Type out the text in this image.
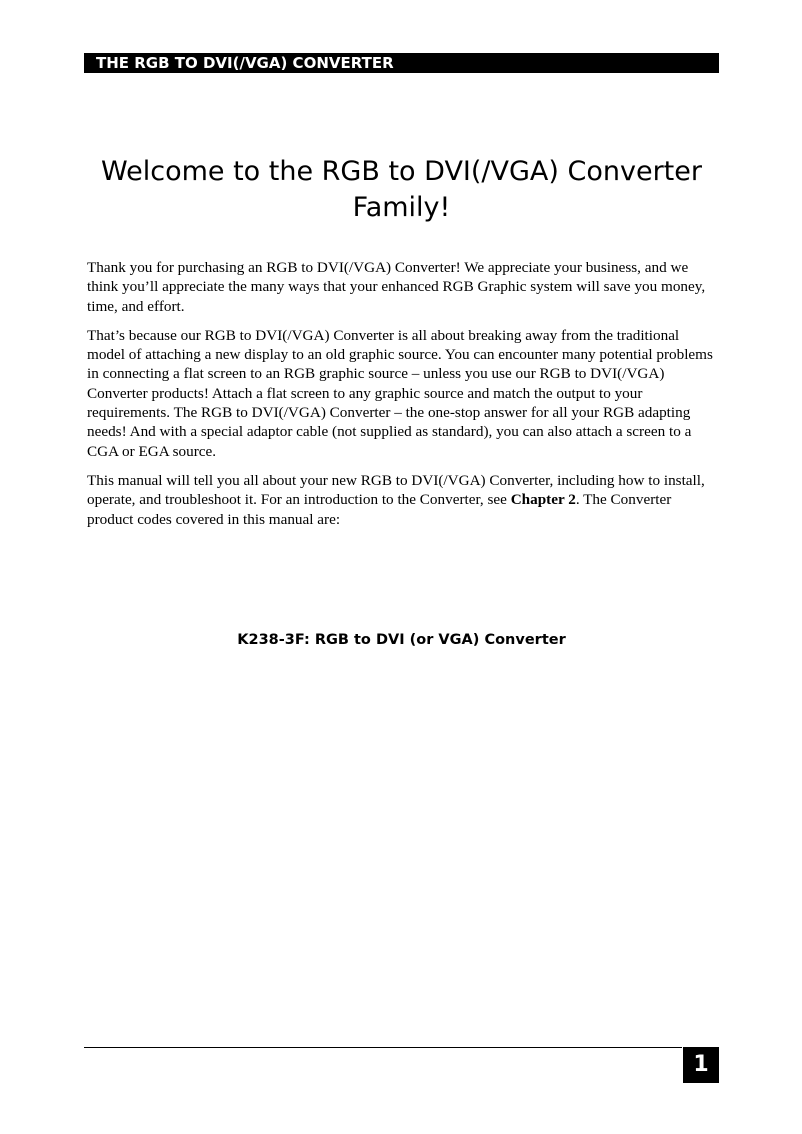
THE RGB TO DVI(/VGA) CONVERTER
Welcome to the RGB to DVI(/VGA) Converter Family!

Thank you for purchasing an RGB to DVI(/VGA) Converter! We appreciate your business, and we think you’ll appreciate the many ways that your enhanced RGB Graphic system will save you money, time, and effort.

That’s because our RGB to DVI(/VGA) Converter is all about breaking away from the traditional model of attaching a new display to an old graphic source. You can encounter many potential problems in connecting a flat screen to an RGB graphic source – unless you use our RGB to DVI(/VGA) Converter products! Attach a flat screen to any graphic source and match the output to your requirements. The RGB to DVI(/VGA) Converter – the one-stop answer for all your RGB adapting needs! And with a special adaptor cable (not supplied as standard), you can also attach a screen to a CGA or EGA source.

This manual will tell you all about your new RGB to DVI(/VGA) Converter, including how to install, operate, and troubleshoot it. For an introduction to the Converter, see Chapter 2. The Converter product codes covered in this manual are:

K238-3F: RGB to DVI (or VGA) Converter
1
